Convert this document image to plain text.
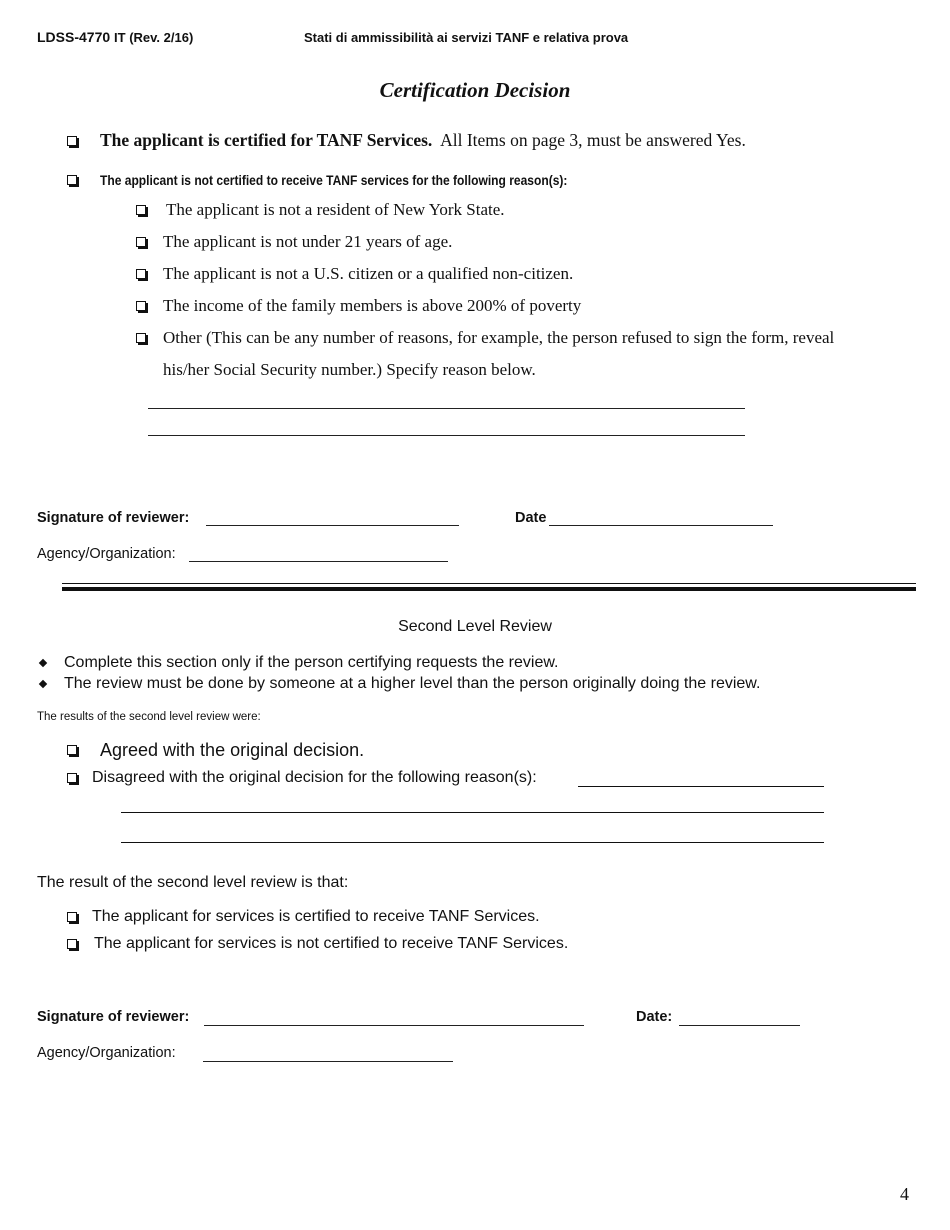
LDSS-4770 IT (Rev. 2/16)	Stati di ammissibilità ai servizi TANF e relativa prova
Certification Decision
The applicant is certified for TANF Services. All Items on page 3, must be answered Yes.
The applicant is not certified to receive TANF services for the following reason(s):
The applicant is not a resident of New York State.
The applicant is not under 21 years of age.
The applicant is not a U.S. citizen or a qualified non-citizen.
The income of the family members is above 200% of poverty
Other (This can be any number of reasons, for example, the person refused to sign the form, reveal
his/her Social Security number.) Specify reason below.
Signature of reviewer:	Date
Agency/Organization:
Second Level Review
Complete this section only if the person certifying requests the review.
The review must be done by someone at a higher level than the person originally doing the review.
The results of the second level review were:
Agreed with the original decision.
Disagreed with the original decision for the following reason(s):
The result of the second level review is that:
The applicant for services is certified to receive TANF Services.
The applicant for services is not certified to receive TANF Services.
Signature of reviewer:	Date:
Agency/Organization:
4
